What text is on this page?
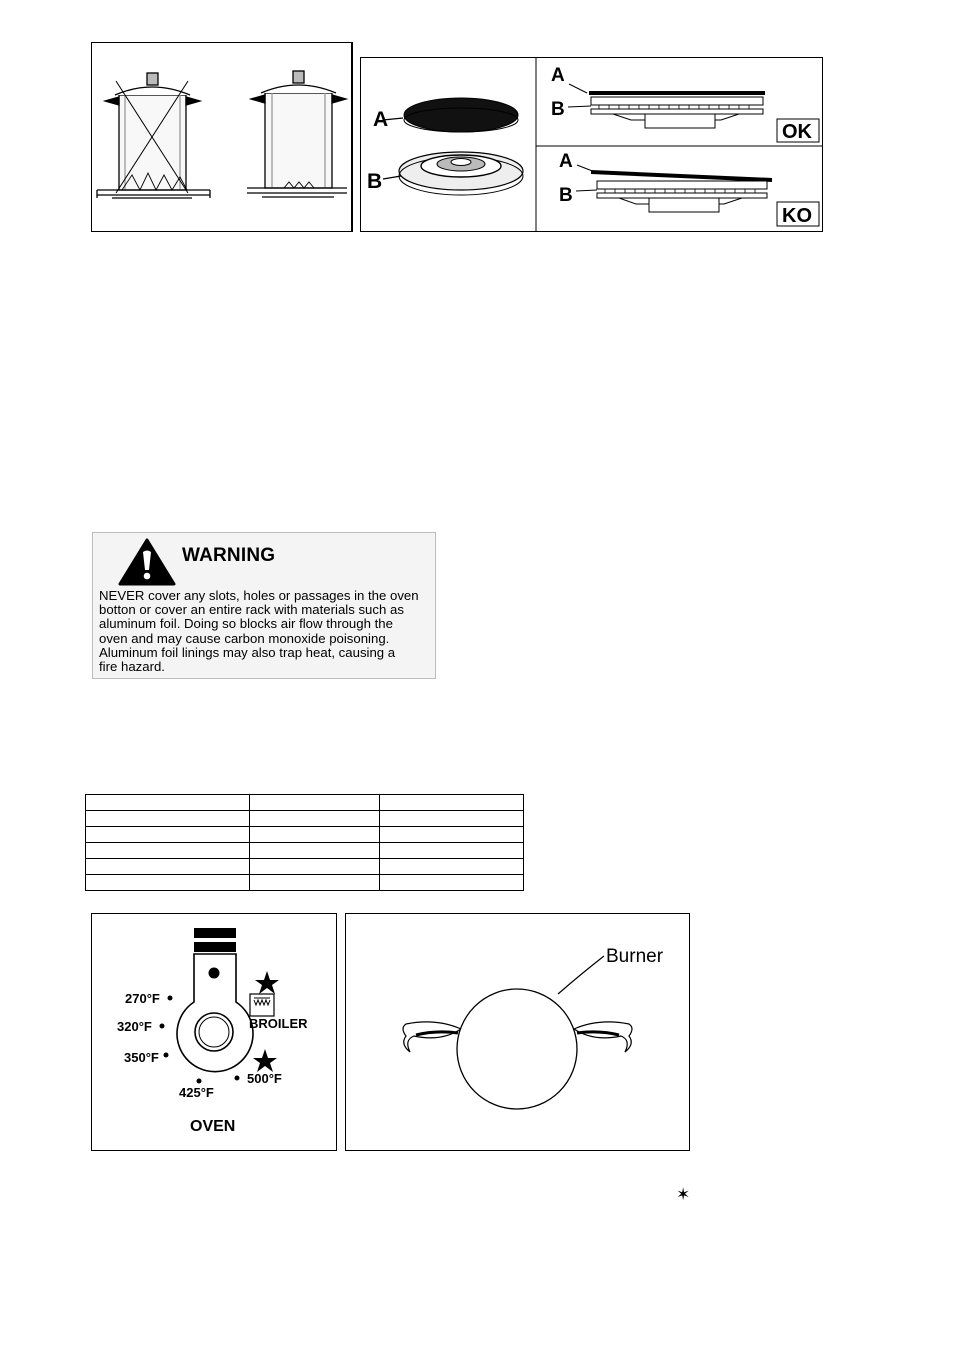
A
B
A
B
OK
A
B
KO
WARNING
NEVER cover any slots, holes or passages in the oven
botton or cover an entire rack with materials such as
aluminum foil. Doing so blocks air flow through the
oven and may cause carbon monoxide poisoning.
Aluminum foil linings may also trap heat, causing a
fire hazard.

270°F
320°F
350°F
425°F
500°F
BROILER
OVEN
Burner
✶
